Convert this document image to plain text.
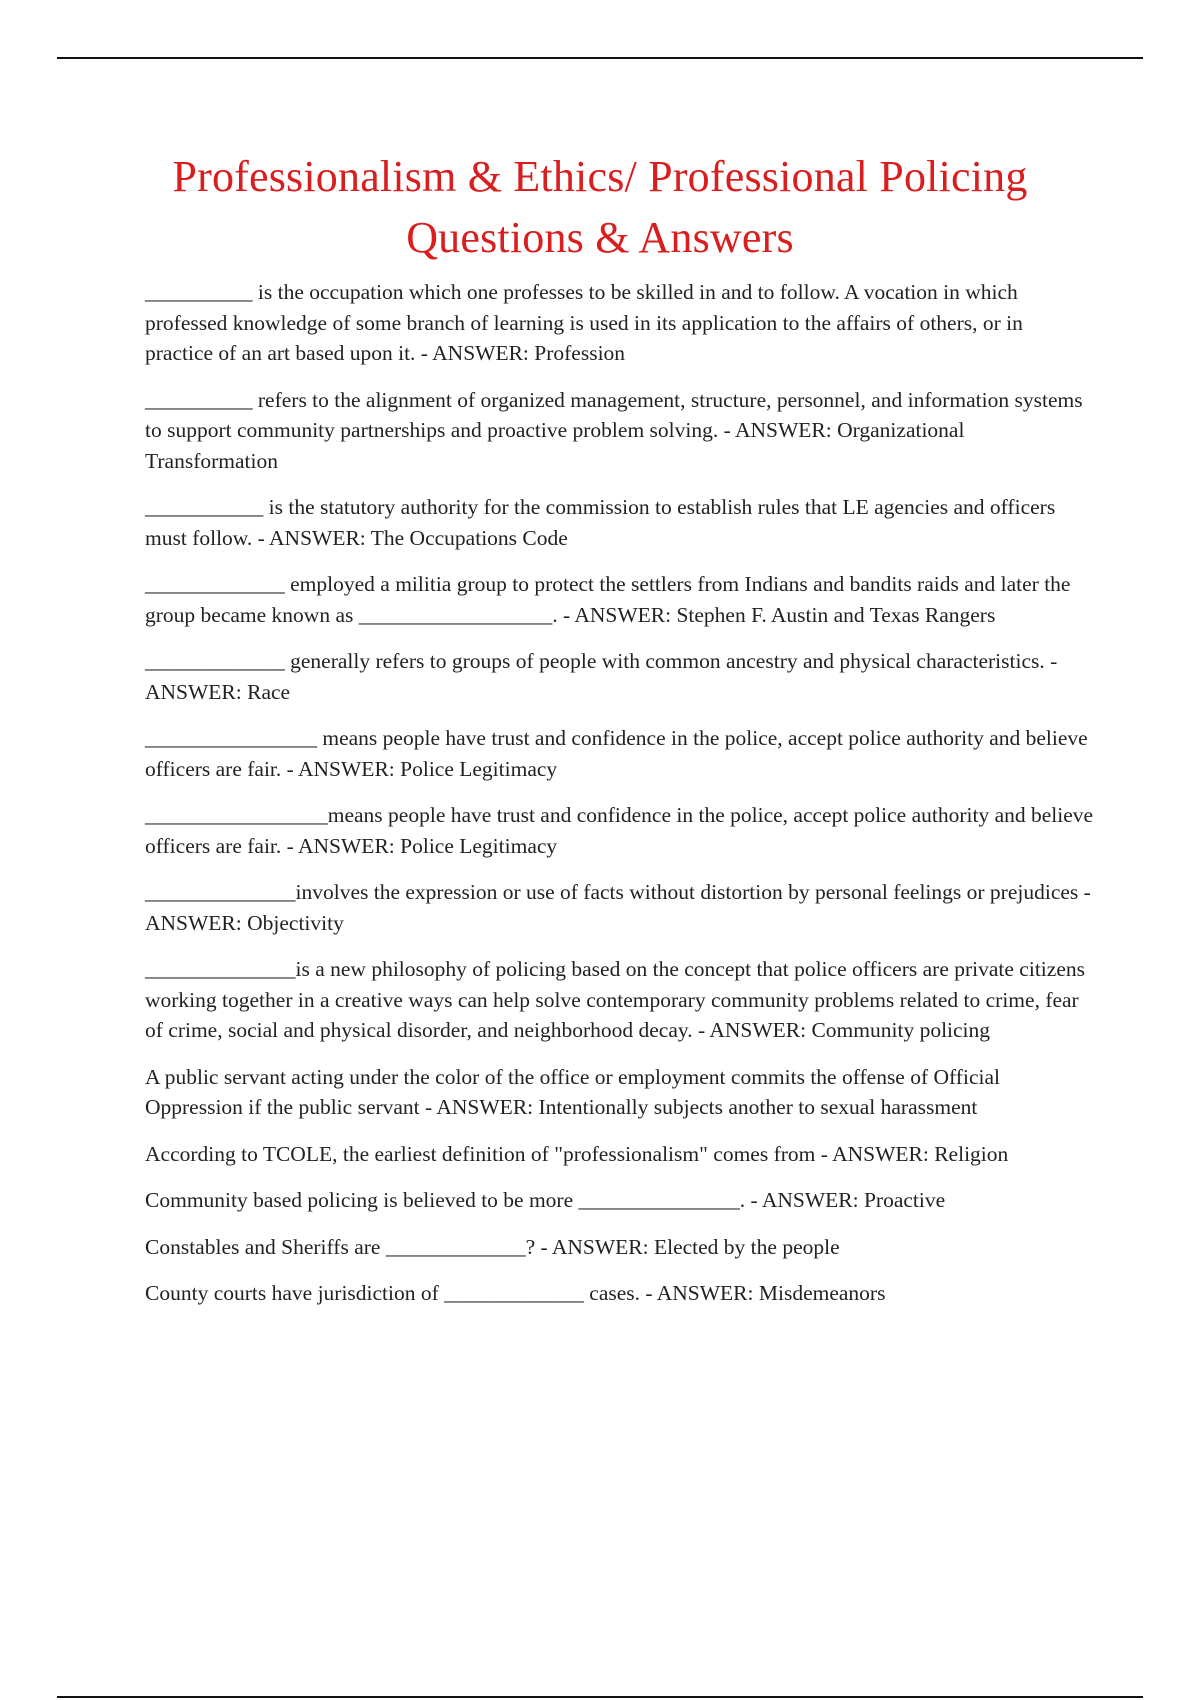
Professionalism & Ethics/ Professional Policing
Questions & Answers
__________ is the occupation which one professes to be skilled in and to follow. A vocation in which professed knowledge of some branch of learning is used in its application to the affairs of others, or in practice of an art based upon it. - ANSWER: Profession
__________ refers to the alignment of organized management, structure, personnel, and information systems to support community partnerships and proactive problem solving. - ANSWER: Organizational Transformation
___________ is the statutory authority for the commission to establish rules that LE agencies and officers must follow. - ANSWER: The Occupations Code
_____________ employed a militia group to protect the settlers from Indians and bandits raids and later the group became known as __________________. - ANSWER: Stephen F. Austin and Texas Rangers
_____________ generally refers to groups of people with common ancestry and physical characteristics. - ANSWER: Race
________________ means people have trust and confidence in the police, accept police authority and believe officers are fair. - ANSWER: Police Legitimacy
_________________means people have trust and confidence in the police, accept police authority and believe officers are fair. - ANSWER: Police Legitimacy
______________involves the expression or use of facts without distortion by personal feelings or prejudices - ANSWER: Objectivity
______________is a new philosophy of policing based on the concept that police officers are private citizens working together in a creative ways can help solve contemporary community problems related to crime, fear of crime, social and physical disorder, and neighborhood decay. - ANSWER: Community policing
A public servant acting under the color of the office or employment commits the offense of Official Oppression if the public servant - ANSWER: Intentionally subjects another to sexual harassment
According to TCOLE, the earliest definition of "professionalism" comes from - ANSWER: Religion
Community based policing is believed to be more _______________. - ANSWER: Proactive
Constables and Sheriffs are _____________? - ANSWER: Elected by the people
County courts have jurisdiction of _____________ cases. - ANSWER: Misdemeanors
